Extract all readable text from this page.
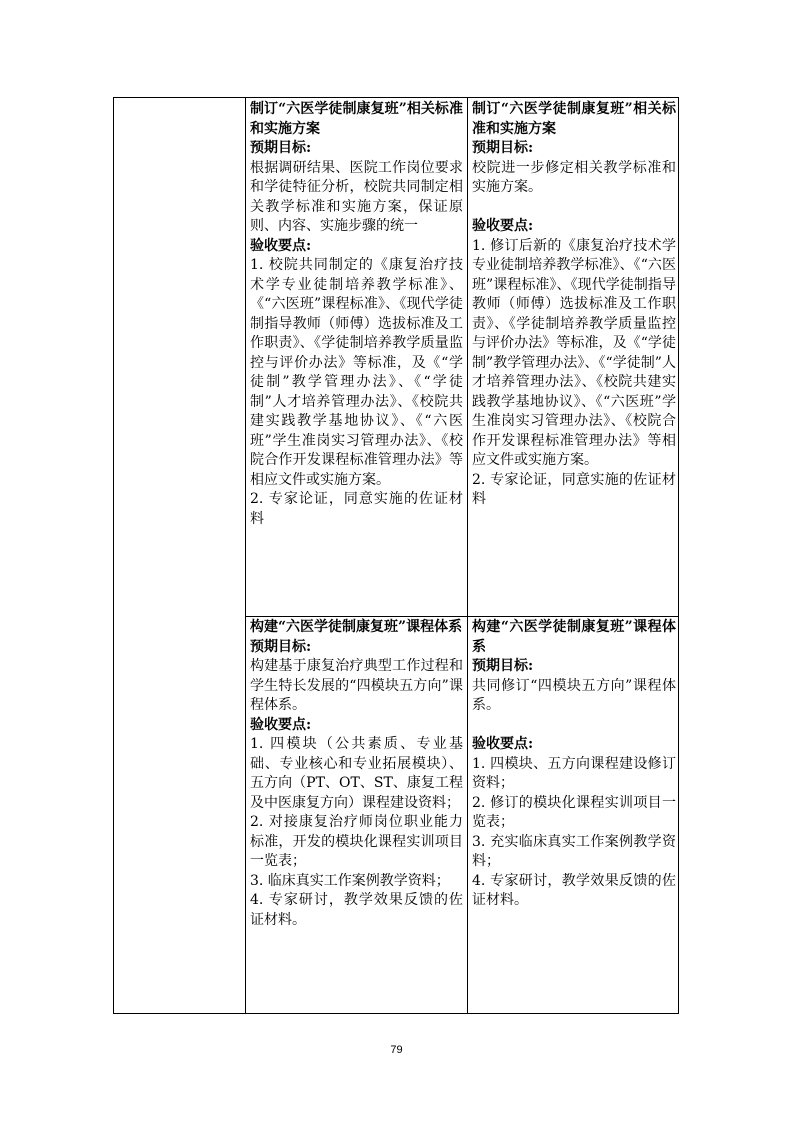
制订“六医学徒制康复班”相关标准和实施方案

预期目标:

根据调研结果、医院工作岗位要求和学徒特征分析，校院共同制定相关教学标准和实施方案，保证原则、内容、实施步骤的统一

验收要点:

1. 校院共同制定的《康复治疗技术学专业徒制培养教学标准》、《“六医班”课程标准》、《现代学徒制指导教师（师傅）选拔标准及工作职责》、《学徒制培养教学质量监控与评价办法》等标准，及《“学徒制”教学管理办法》、《“学徒制”人才培养管理办法》、《校院共建实践教学基地协议》、《“六医班”学生准岗实习管理办法》、《校院合作开发课程标准管理办法》等相应文件或实施方案。

2. 专家论证，同意实施的佐证材料

制订“六医学徒制康复班”相关标准和实施方案

预期目标:

校院进一步修定相关教学标准和实施方案。

验收要点:

1. 修订后新的《康复治疗技术学专业徒制培养教学标准》、《“六医班”课程标准》、《现代学徒制指导教师（师傅）选拔标准及工作职责》、《学徒制培养教学质量监控与评价办法》等标准，及《“学徒制”教学管理办法》、《“学徒制”人才培养管理办法》、《校院共建实践教学基地协议》、《“六医班”学生准岗实习管理办法》、《校院合作开发课程标准管理办法》等相应文件或实施方案。

2. 专家论证，同意实施的佐证材料

构建“六医学徒制康复班”课程体系

预期目标:

构建基于康复治疗典型工作过程和学生特长发展的“四模块五方向”课程体系。

验收要点:

1. 四模块（公共素质、专业基础、专业核心和专业拓展模块）、五方向（PT、OT、ST、康复工程及中医康复方向）课程建设资料；

2. 对接康复治疗师岗位职业能力标准，开发的模块化课程实训项目一览表；

3. 临床真实工作案例教学资料；

4. 专家研讨，教学效果反馈的佐证材料。

构建“六医学徒制康复班”课程体系

预期目标:

共同修订“四模块五方向”课程体系。

验收要点:

1. 四模块、五方向课程建设修订资料；

2. 修订的模块化课程实训项目一览表；

3. 充实临床真实工作案例教学资料；

4. 专家研讨，教学效果反馈的佐证材料。

79
